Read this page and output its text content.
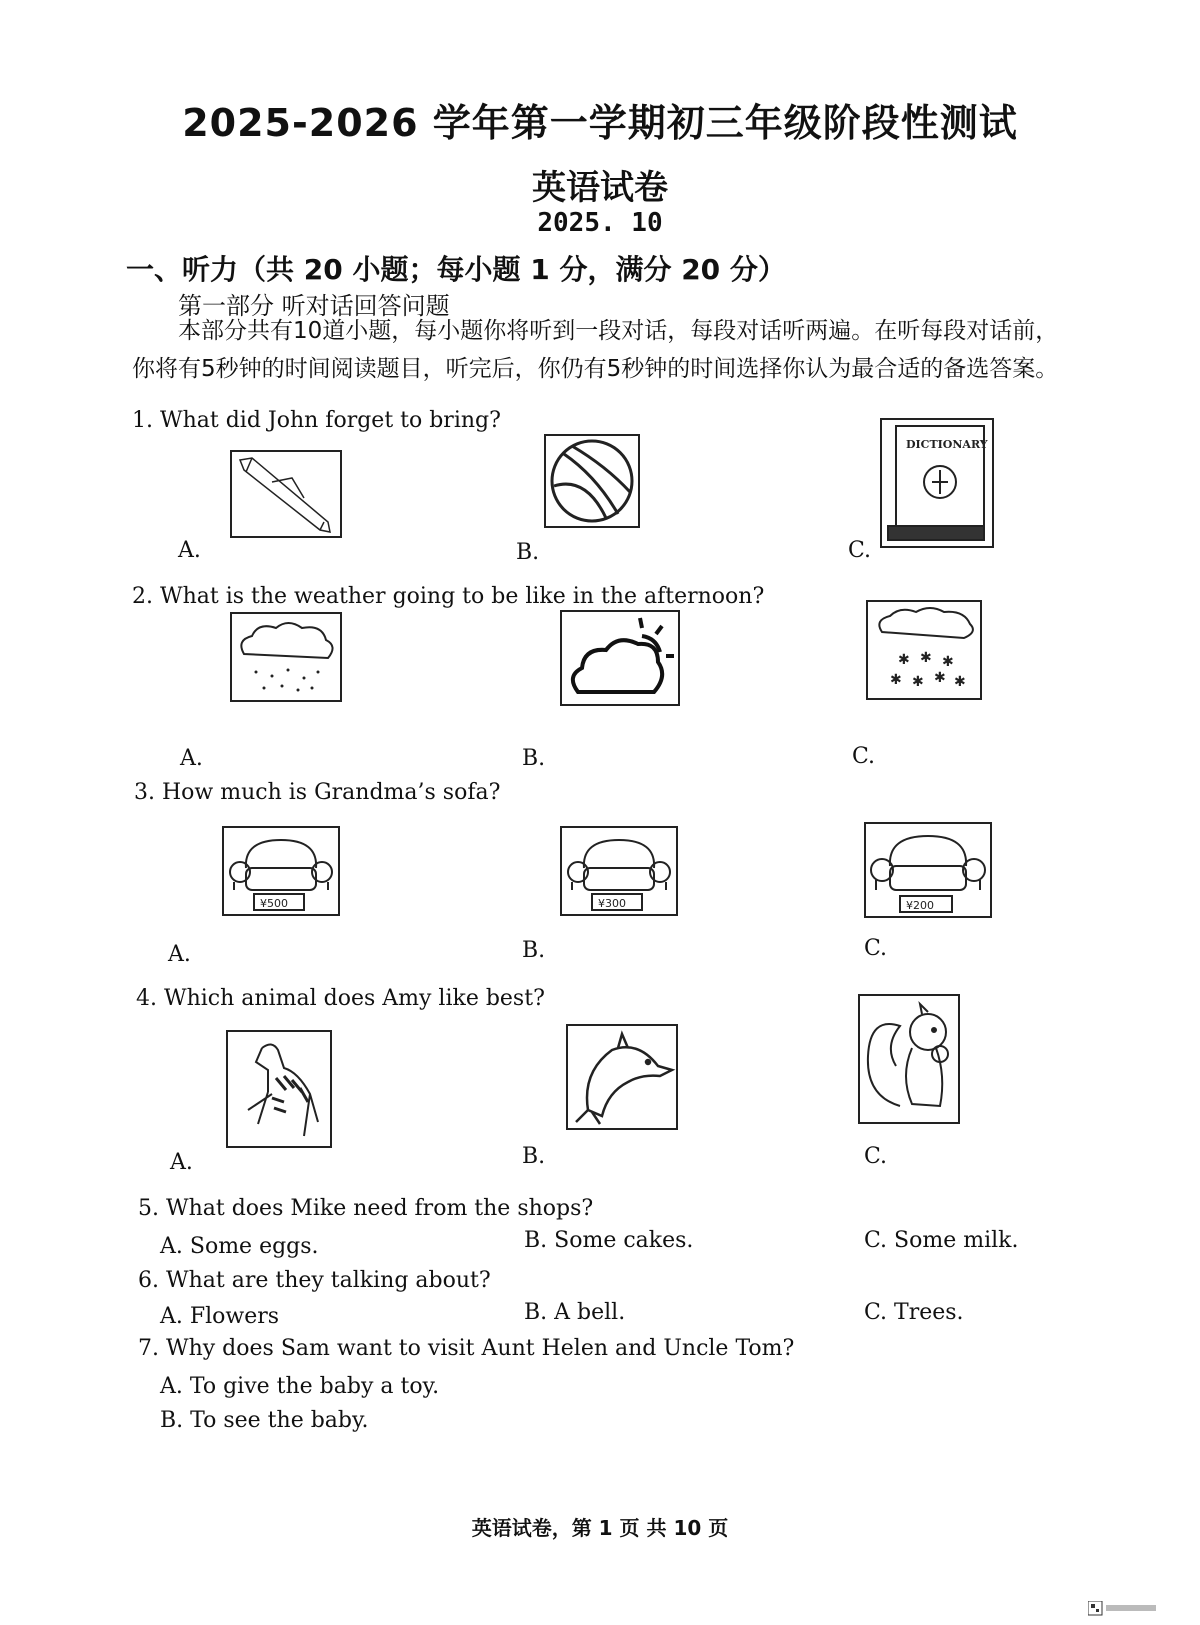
2025-2026 学年第一学期初三年级阶段性测试
英语试卷
2025. 10
一、听力（共 20 小题；每小题 1 分，满分 20 分）
第一部分 听对话回答问题
本部分共有10道小题，每小题你将听到一段对话，每段对话听两遍。在听每段对话前，你将有5秒钟的时间阅读题目，听完后，你仍有5秒钟的时间选择你认为最合适的备选答案。
1. What did John forget to bring?
A.	B.
DICTIONARY
C.
2. What is the weather going to be like in the afternoon?
A.	B.
✱ ✱ ✱
✱ ✱ ✱ ✱
C.
3. How much is Grandma’s sofa?
¥500
A.
¥300
B.
¥200
C.
4. Which animal does Amy like best?
A.	B.	C.
5. What does Mike need from the shops?
A. Some eggs.	B. Some cakes.	C. Some milk.
6. What are they talking about?
A. Flowers	B. A bell.	C. Trees.
7. Why does Sam want to visit Aunt Helen and Uncle Tom?
A. To give the baby a toy.
B. To see the baby.
英语试卷，第 1 页 共 10 页
